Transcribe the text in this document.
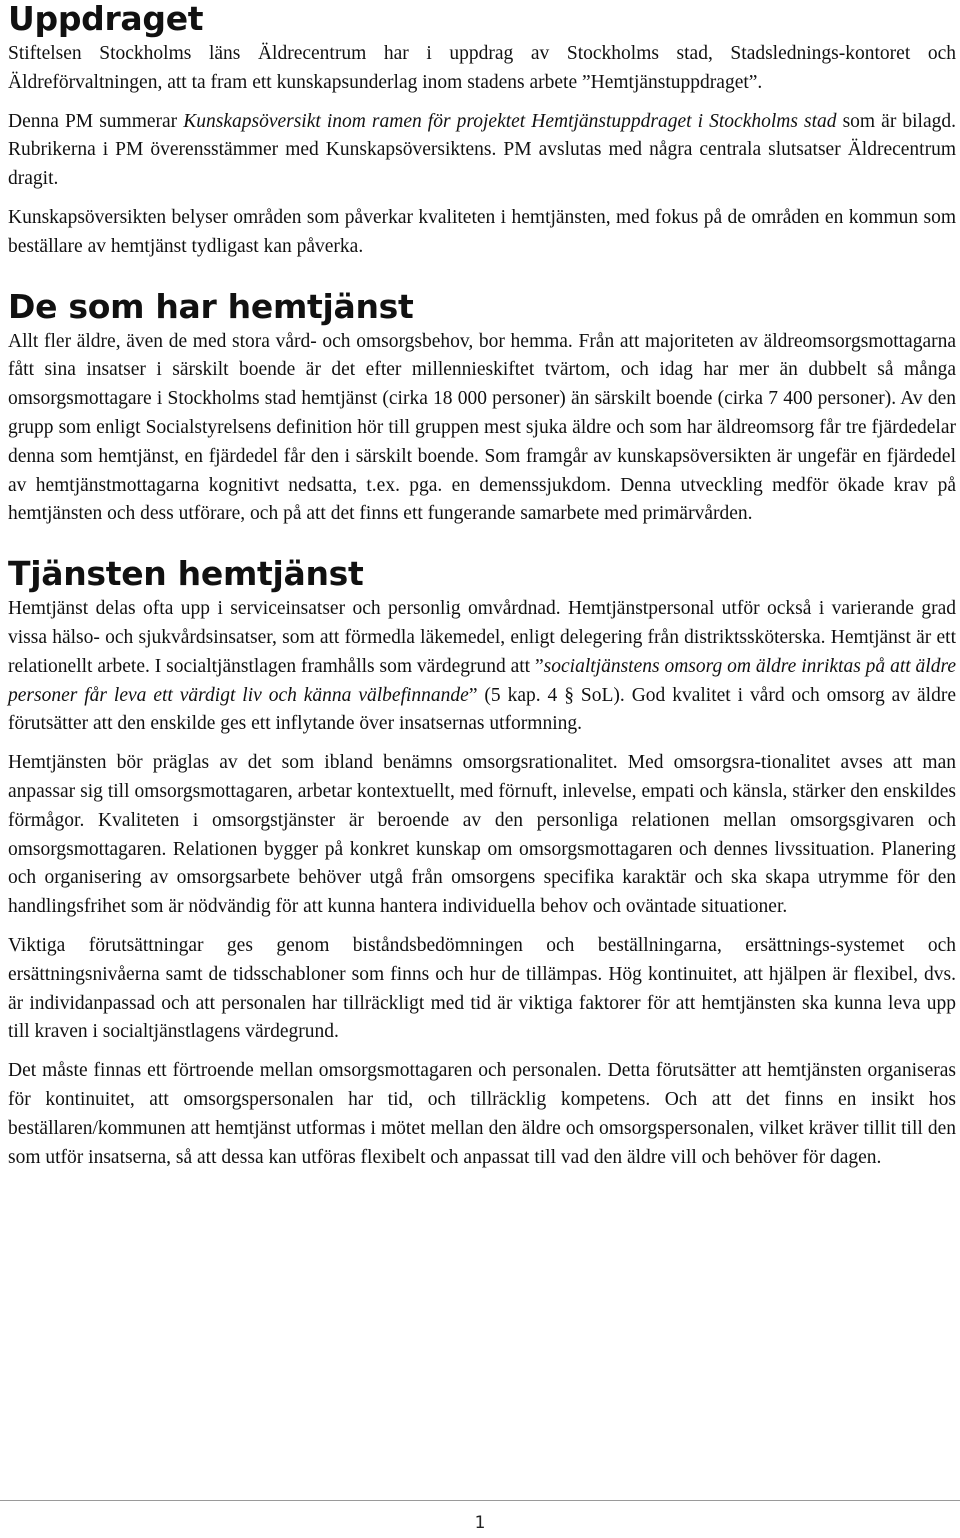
Uppdraget

Stiftelsen Stockholms läns Äldrecentrum har i uppdrag av Stockholms stad, Stadslednings-kontoret och Äldreförvaltningen, att ta fram ett kunskapsunderlag inom stadens arbete ”Hemtjänstuppdraget”.

Denna PM summerar Kunskapsöversikt inom ramen för projektet Hemtjänstuppdraget i Stockholms stad som är bilagd. Rubrikerna i PM överensstämmer med Kunskapsöversiktens. PM avslutas med några centrala slutsatser Äldrecentrum dragit.

Kunskapsöversikten belyser områden som påverkar kvaliteten i hemtjänsten, med fokus på de områden en kommun som beställare av hemtjänst tydligast kan påverka.

De som har hemtjänst

Allt fler äldre, även de med stora vård- och omsorgsbehov, bor hemma. Från att majoriteten av äldreomsorgsmottagarna fått sina insatser i särskilt boende är det efter millennieskiftet tvärtom, och idag har mer än dubbelt så många omsorgsmottagare i Stockholms stad hemtjänst (cirka 18 000 personer) än särskilt boende (cirka 7 400 personer). Av den grupp som enligt Socialstyrelsens definition hör till gruppen mest sjuka äldre och som har äldreomsorg får tre fjärdedelar denna som hemtjänst, en fjärdedel får den i särskilt boende. Som framgår av kunskapsöversikten är ungefär en fjärdedel av hemtjänstmottagarna kognitivt nedsatta, t.ex. pga. en demenssjukdom. Denna utveckling medför ökade krav på hemtjänsten och dess utförare, och på att det finns ett fungerande samarbete med primärvården.

Tjänsten hemtjänst

Hemtjänst delas ofta upp i serviceinsatser och personlig omvårdnad. Hemtjänstpersonal utför också i varierande grad vissa hälso- och sjukvårdsinsatser, som att förmedla läkemedel, enligt delegering från distriktssköterska. Hemtjänst är ett relationellt arbete. I socialtjänstlagen framhålls som värdegrund att ”socialtjänstens omsorg om äldre inriktas på att äldre personer får leva ett värdigt liv och känna välbefinnande” (5 kap. 4 § SoL). God kvalitet i vård och omsorg av äldre förutsätter att den enskilde ges ett inflytande över insatsernas utformning.

Hemtjänsten bör präglas av det som ibland benämns omsorgsrationalitet. Med omsorgsra-tionalitet avses att man anpassar sig till omsorgsmottagaren, arbetar kontextuellt, med förnuft, inlevelse, empati och känsla, stärker den enskildes förmågor. Kvaliteten i omsorgstjänster är beroende av den personliga relationen mellan omsorgsgivaren och omsorgsmottagaren. Relationen bygger på konkret kunskap om omsorgsmottagaren och dennes livssituation. Planering och organisering av omsorgsarbete behöver utgå från omsorgens specifika karaktär och ska skapa utrymme för den handlingsfrihet som är nödvändig för att kunna hantera individuella behov och oväntade situationer.

Viktiga förutsättningar ges genom biståndsbedömningen och beställningarna, ersättnings-systemet och ersättningsnivåerna samt de tidsschabloner som finns och hur de tillämpas. Hög kontinuitet, att hjälpen är flexibel, dvs. är individanpassad och att personalen har tillräckligt med tid är viktiga faktorer för att hemtjänsten ska kunna leva upp till kraven i socialtjänstlagens värdegrund.

Det måste finnas ett förtroende mellan omsorgsmottagaren och personalen. Detta förutsätter att hemtjänsten organiseras för kontinuitet, att omsorgspersonalen har tid, och tillräcklig kompetens. Och att det finns en insikt hos beställaren/kommunen att hemtjänst utformas i mötet mellan den äldre och omsorgspersonalen, vilket kräver tillit till den som utför insatserna, så att dessa kan utföras flexibelt och anpassat till vad den äldre vill och behöver för dagen.

1
